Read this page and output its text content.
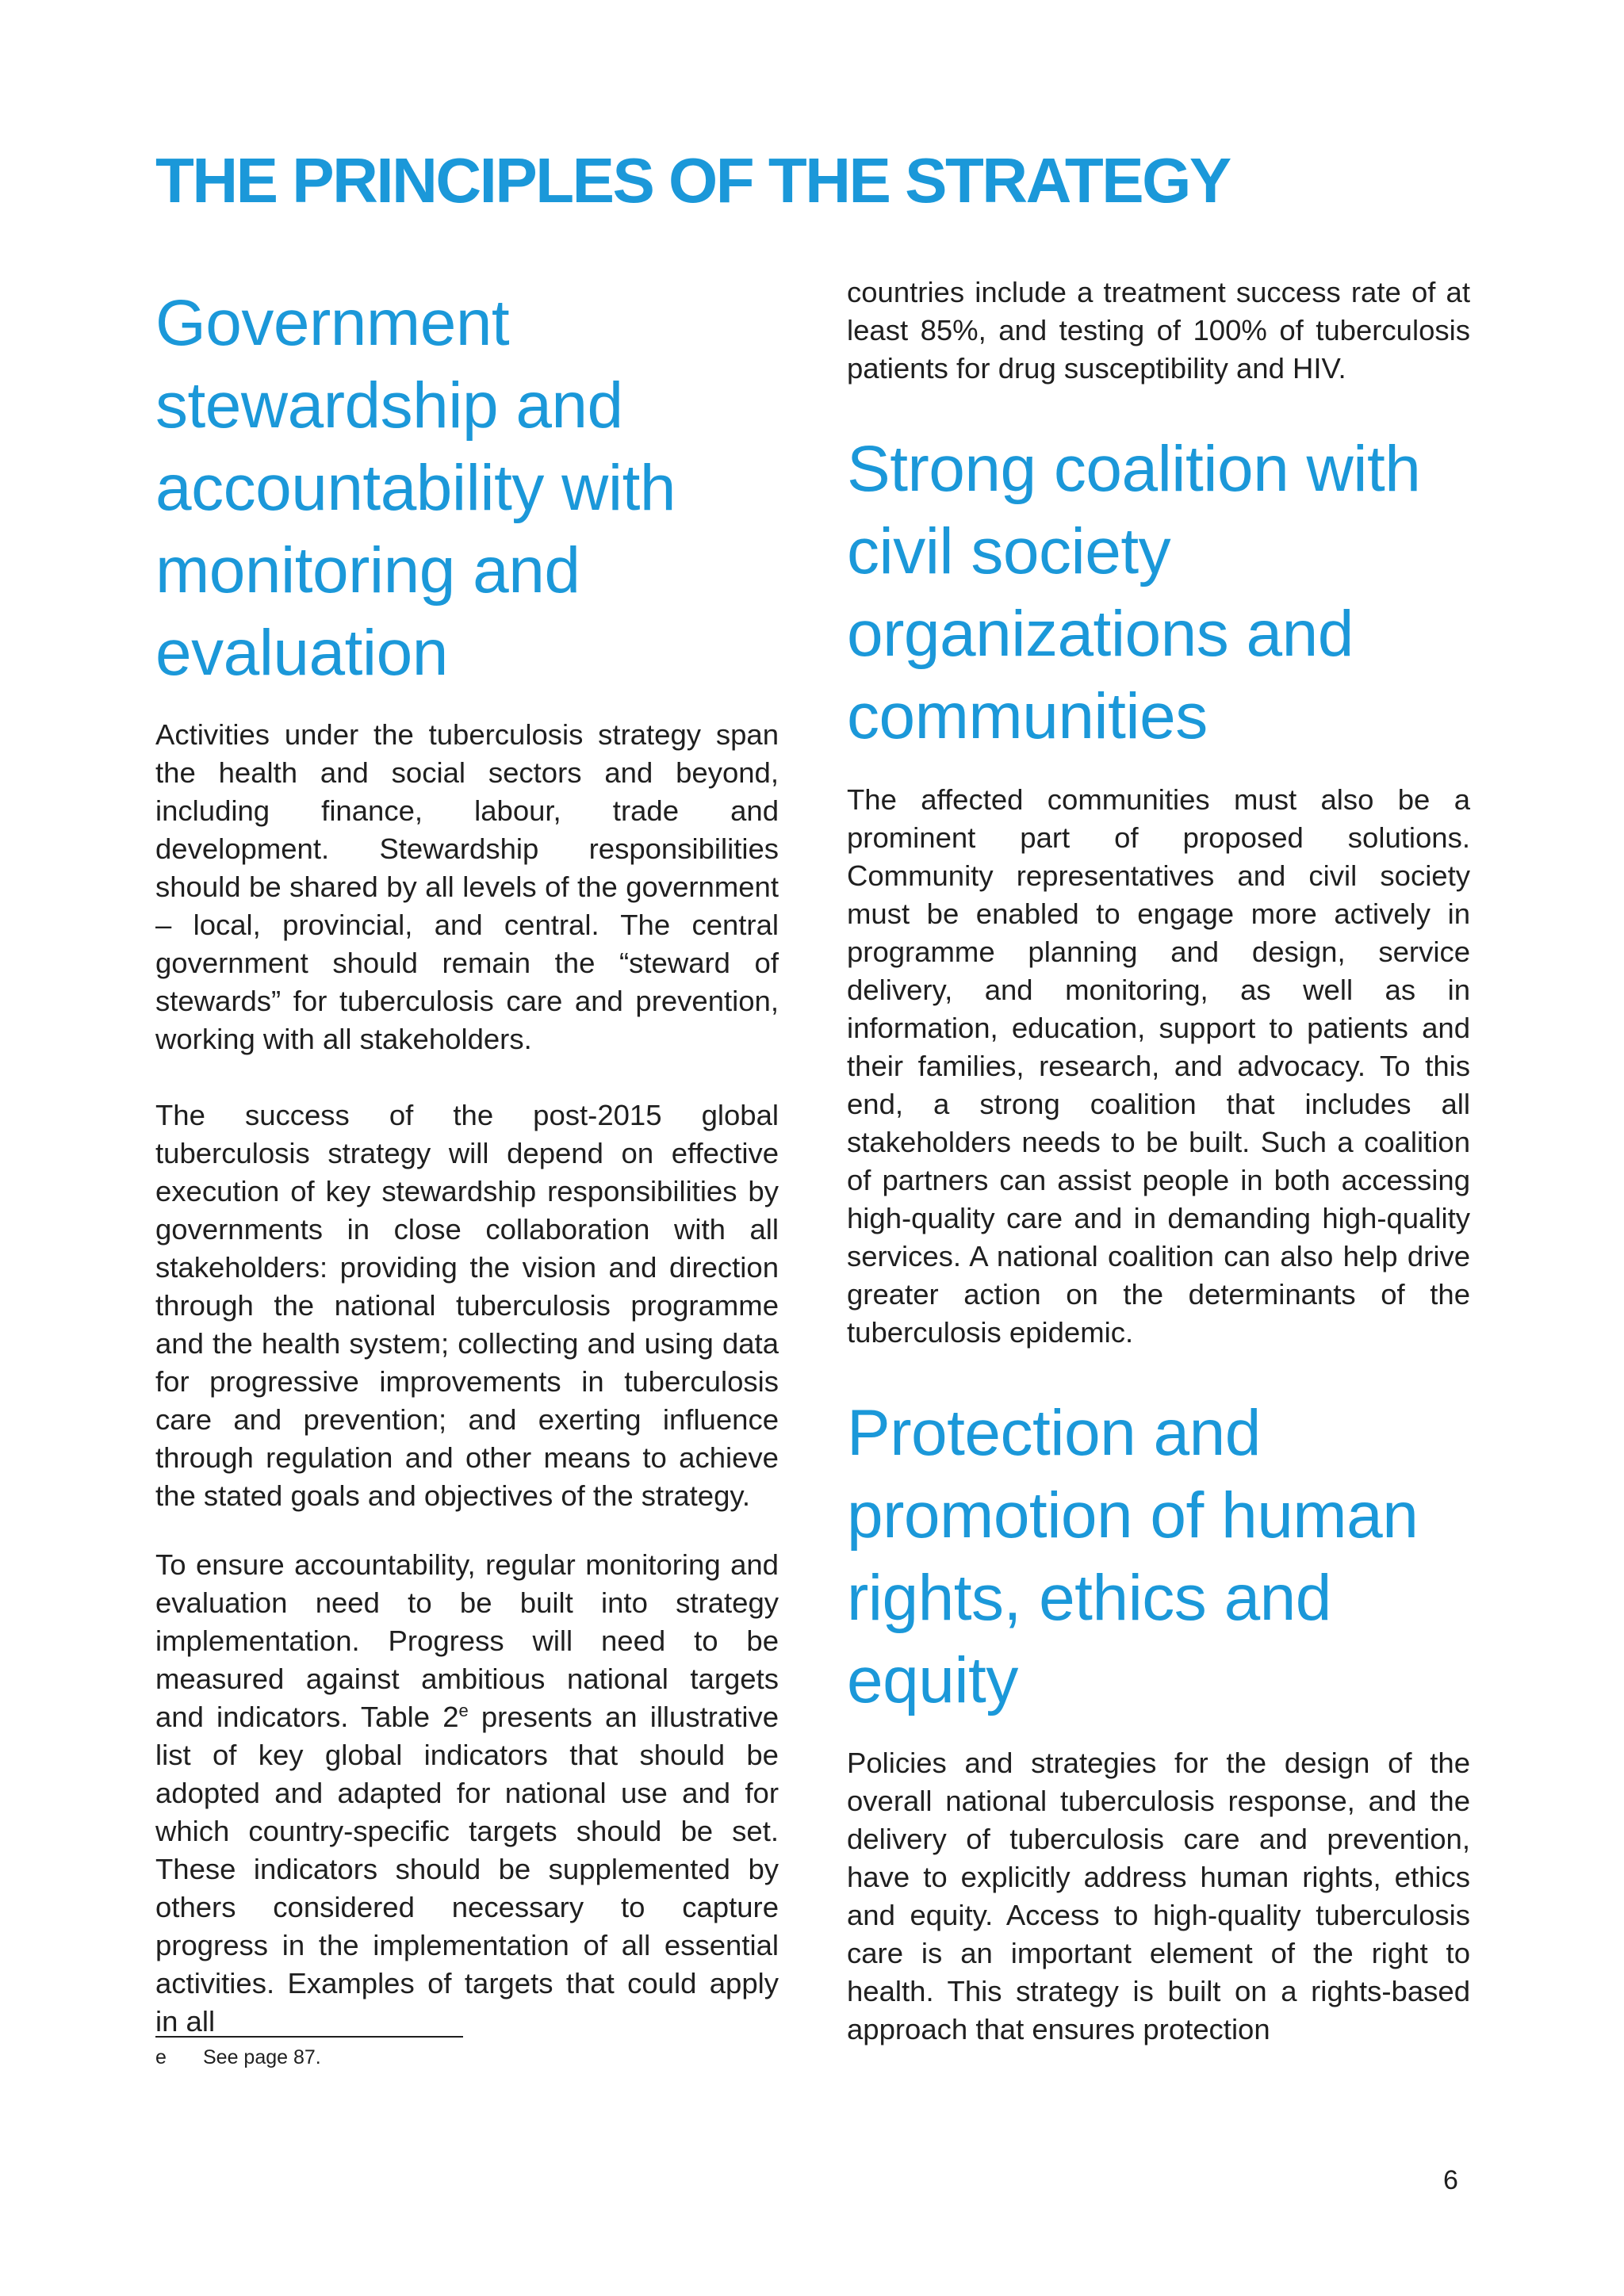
THE PRINCIPLES OF THE STRATEGY
Government stewardship and accountability with monitoring and evaluation

Activities under the tuberculosis strategy span the health and social sectors and beyond, including finance, labour, trade and development. Stewardship responsibilities should be shared by all levels of the government – local, provincial, and central. The central government should remain the “steward of stewards” for tuberculosis care and prevention, working with all stakeholders.

The success of the post-2015 global tuberculosis strategy will depend on effective execution of key stewardship responsibilities by governments in close collaboration with all stakeholders: providing the vision and direction through the national tuberculosis programme and the health system; collecting and using data for progressive improvements in tuberculosis care and prevention; and exerting influence through regulation and other means to achieve the stated goals and objectives of the strategy.

To ensure accountability, regular monitoring and evaluation need to be built into strategy implementation. Progress will need to be measured against ambitious national targets and indicators. Table 2e presents an illustrative list of key global indicators that should be adopted and adapted for national use and for which country-specific targets should be set. These indicators should be supplemented by others considered necessary to capture progress in the implementation of all essential activities. Examples of targets that could apply in all

e See page 87.

countries include a treatment success rate of at least 85%, and testing of 100% of tuberculosis patients for drug susceptibility and HIV.

Strong coalition with civil society organizations and communities

The affected communities must also be a prominent part of proposed solutions. Community representatives and civil society must be enabled to engage more actively in programme planning and design, service delivery, and monitoring, as well as in information, education, support to patients and their families, research, and advocacy. To this end, a strong coalition that includes all stakeholders needs to be built. Such a coalition of partners can assist people in both accessing high-quality care and in demanding high-quality services. A national coalition can also help drive greater action on the determinants of the tuberculosis epidemic.

Protection and promotion of human rights, ethics and equity

Policies and strategies for the design of the overall national tuberculosis response, and the delivery of tuberculosis care and prevention, have to explicitly address human rights, ethics and equity. Access to high-quality tuberculosis care is an important element of the right to health. This strategy is built on a rights-based approach that ensures protection

6
